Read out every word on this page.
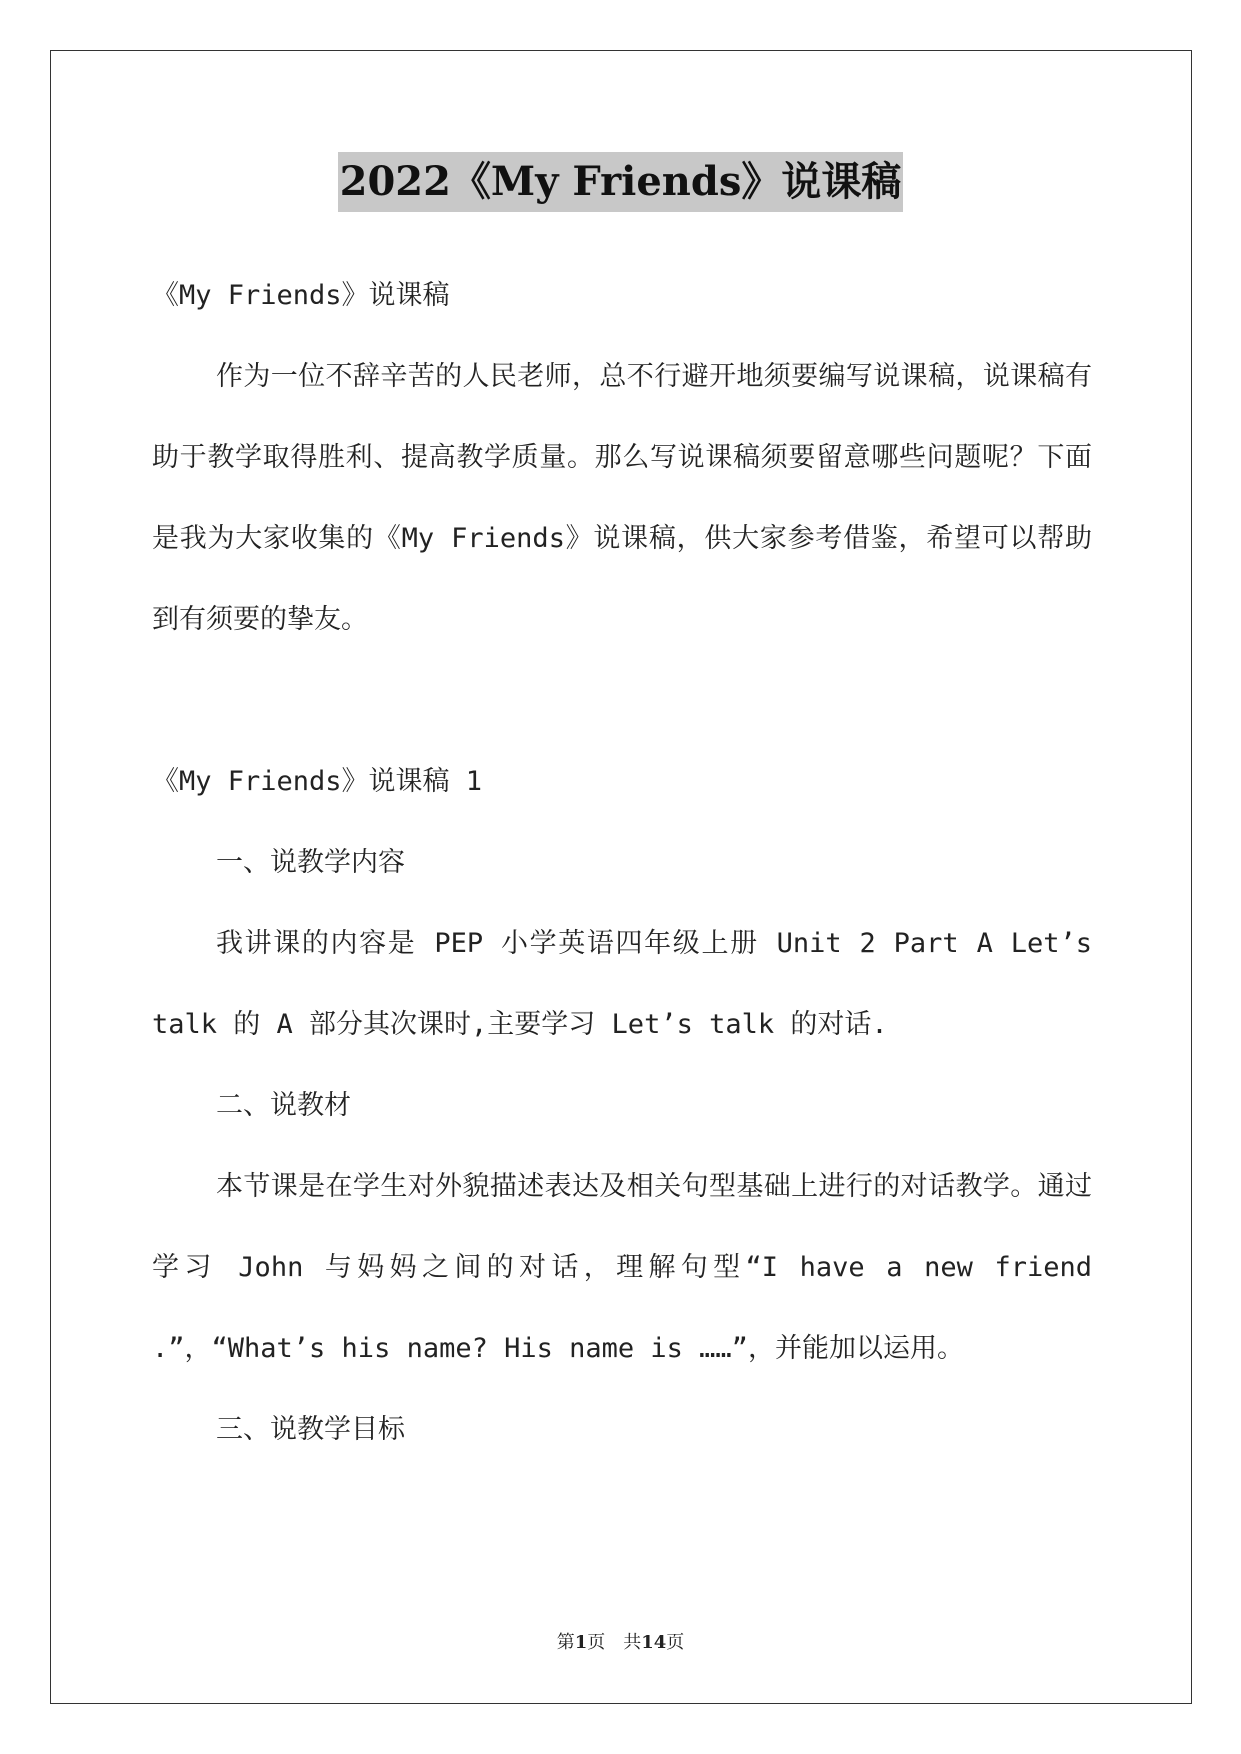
2022《My Friends》说课稿

《My Friends》说课稿

作为一位不辞辛苦的人民老师，总不行避开地须要编写说课稿，说课稿有助于教学取得胜利、提高教学质量。那么写说课稿须要留意哪些问题呢？下面是我为大家收集的《My Friends》说课稿，供大家参考借鉴，希望可以帮助到有须要的挚友。

《My Friends》说课稿 1

一、说教学内容

我讲课的内容是 PEP 小学英语四年级上册 Unit 2 Part A Let’s talk 的 A 部分其次课时,主要学习 Let’s talk 的对话.

二、说教材

本节课是在学生对外貌描述表达及相关句型基础上进行的对话教学。通过学习 John 与妈妈之间的对话，理解句型“I have a new friend .”，“What’s his name? His name is ……”，并能加以运用。

三、说教学目标

第1页　共14页
